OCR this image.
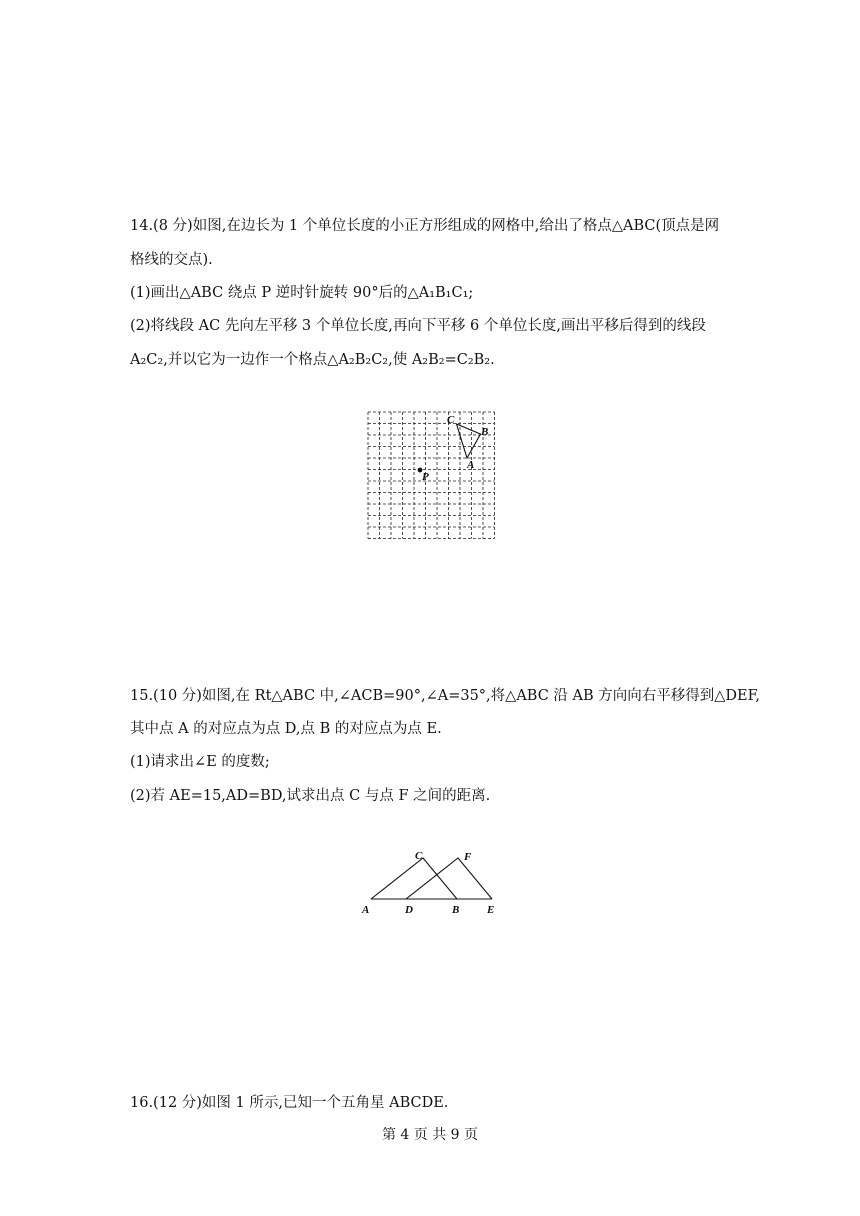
14.(8 分)如图,在边长为 1 个单位长度的小正方形组成的网格中,给出了格点△ABC(顶点是网
格线的交点).
(1)画出△ABC 绕点 P 逆时针旋转 90°后的△A₁B₁C₁;
(2)将线段 AC 先向左平移 3 个单位长度,再向下平移 6 个单位长度,画出平移后得到的线段
A₂C₂,并以它为一边作一个格点△A₂B₂C₂,使 A₂B₂=C₂B₂.
C
B
A
P
15.(10 分)如图,在 Rt△ABC 中,∠ACB=90°,∠A=35°,将△ABC 沿 AB 方向向右平移得到△DEF,
其中点 A 的对应点为点 D,点 B 的对应点为点 E.
(1)请求出∠E 的度数;
(2)若 AE=15,AD=BD,试求出点 C 与点 F 之间的距离.
C	F
A	D	B	E
16.(12 分)如图 1 所示,已知一个五角星 ABCDE.
第 4 页 共 9 页
